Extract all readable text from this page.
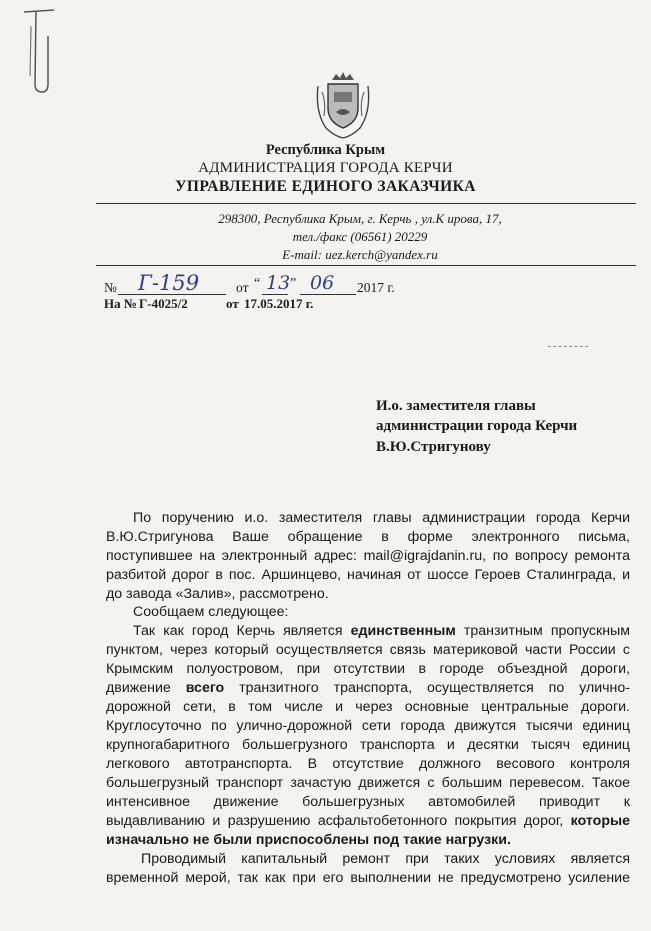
Республика Крым
АДМИНИСТРАЦИЯ ГОРОДА КЕРЧИ
УПРАВЛЕНИЕ ЕДИНОГО ЗАКАЗЧИКА
298300, Республика Крым, г. Керчь , ул.К ирова, 17,
тел./факс (06561) 20229
E-mail: uez.kerch@yandex.ru
№ Г-159	от “ 13 ” 06 2017 г.
На № Г-4025/2	от 17.05.2017 г.
И.о. заместителя главы
администрации города Керчи
В.Ю.Стригунову
По поручению и.о. заместителя главы администрации города Керчи
В.Ю.Стригунова Ваше обращение в форме электронного письма,
поступившее на электронный адрес: mail@igrajdanin.ru, по вопросу ремонта
разбитой дорог в пос. Аршинцево, начиная от шоссе Героев Сталинграда, и
до завода «Залив», рассмотрено.
Сообщаем следующее:
Так как город Керчь является единственным транзитным пропускным
пунктом, через который осуществляется связь материковой части России с
Крымским полуостровом, при отсутствии в городе объездной дороги,
движение всего транзитного транспорта, осуществляется по улично-
дорожной сети, в том числе и через основные центральные дороги.
Круглосуточно по улично-дорожной сети города движутся тысячи единиц
крупногабаритного большегрузного транспорта и десятки тысяч единиц
легкового автотранспорта. В отсутствие должного весового контроля
большегрузный транспорт зачастую движется с большим перевесом. Такое
интенсивное движение большегрузных автомобилей приводит к
выдавливанию и разрушению асфальтобетонного покрытия дорог, которые
изначально не были приспособлены под такие нагрузки.
Проводимый капитальный ремонт при таких условиях является
временной мерой, так как при его выполнении не предусмотрено усиление
